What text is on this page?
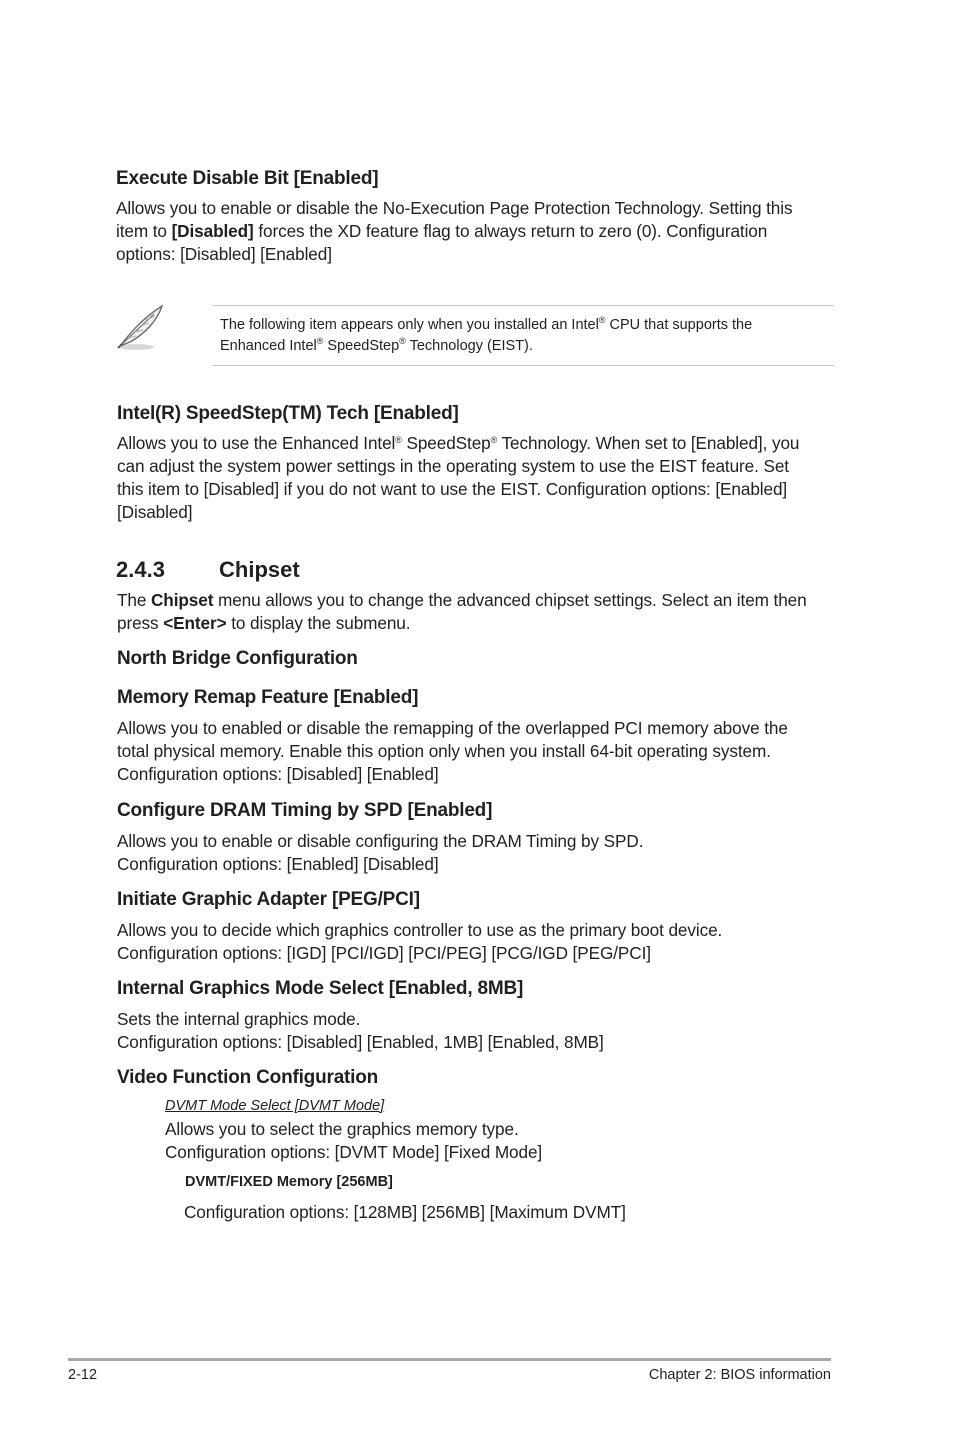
Execute Disable Bit [Enabled]
Allows you to enable or disable the No-Execution Page Protection Technology. Setting this
item to [Disabled] forces the XD feature flag to always return to zero (0). Configuration
options: [Disabled] [Enabled]
The following item appears only when you installed an Intel® CPU that supports the
Enhanced Intel® SpeedStep® Technology (EIST).
Intel(R) SpeedStep(TM) Tech [Enabled]
Allows you to use the Enhanced Intel® SpeedStep® Technology. When set to [Enabled], you
can adjust the system power settings in the operating system to use the EIST feature. Set
this item to [Disabled] if you do not want to use the EIST. Configuration options: [Enabled]
[Disabled]
2.4.3 Chipset
The Chipset menu allows you to change the advanced chipset settings. Select an item then
press <Enter> to display the submenu.
North Bridge Configuration
Memory Remap Feature [Enabled]
Allows you to enabled or disable the remapping of the overlapped PCI memory above the
total physical memory. Enable this option only when you install 64-bit operating system.
Configuration options: [Disabled] [Enabled]
Configure DRAM Timing by SPD [Enabled]
Allows you to enable or disable configuring the DRAM Timing by SPD.
Configuration options: [Enabled] [Disabled]
Initiate Graphic Adapter [PEG/PCI]
Allows you to decide which graphics controller to use as the primary boot device.
Configuration options: [IGD] [PCI/IGD] [PCI/PEG] [PCG/IGD [PEG/PCI]
Internal Graphics Mode Select [Enabled, 8MB]
Sets the internal graphics mode.
Configuration options: [Disabled] [Enabled, 1MB] [Enabled, 8MB]
Video Function Configuration
DVMT Mode Select [DVMT Mode]
Allows you to select the graphics memory type.
Configuration options: [DVMT Mode] [Fixed Mode]
DVMT/FIXED Memory [256MB]
Configuration options: [128MB] [256MB] [Maximum DVMT]
2-12	Chapter 2: BIOS information
